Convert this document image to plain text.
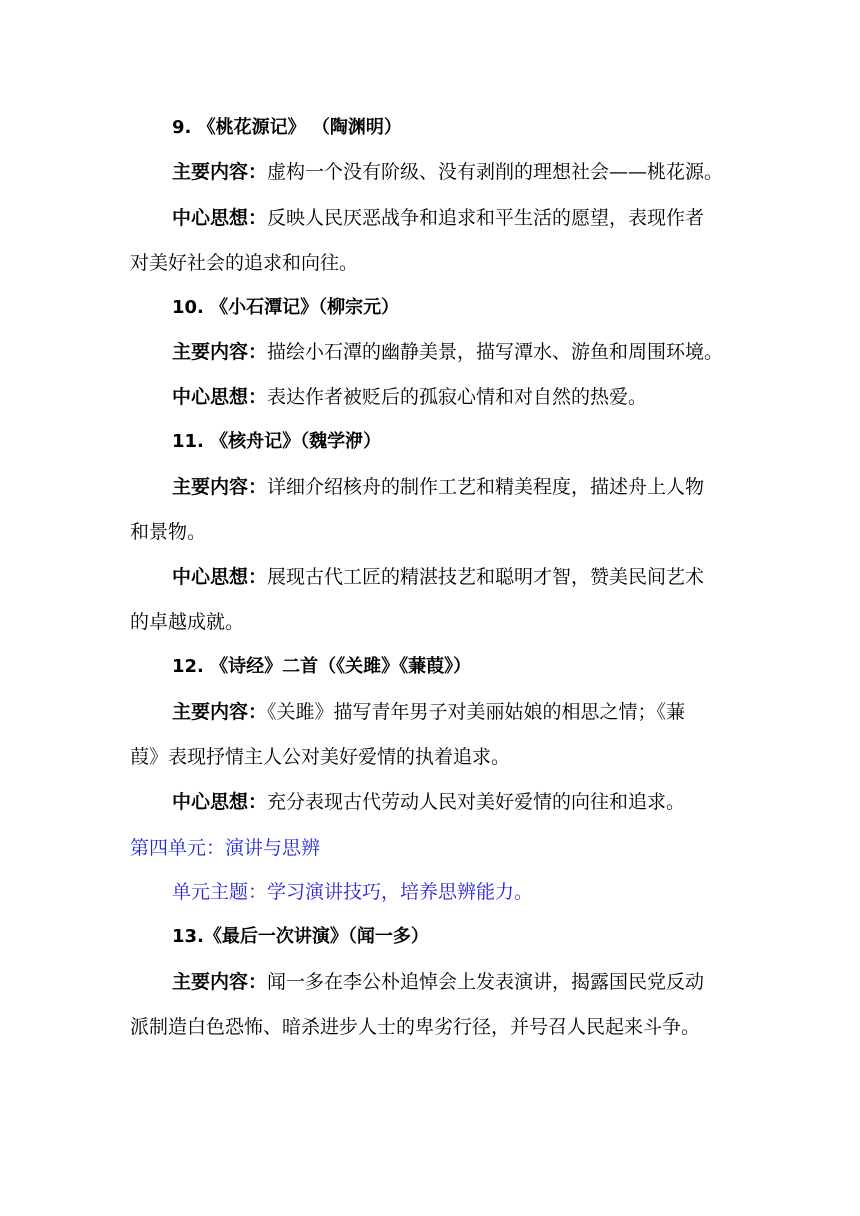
9. 《桃花源记》 （陶渊明）
主要内容：虚构一个没有阶级、没有剥削的理想社会——桃花源。
中心思想：反映人民厌恶战争和追求和平生活的愿望，表现作者
对美好社会的追求和向往。
10. 《小石潭记》（柳宗元）
主要内容：描绘小石潭的幽静美景，描写潭水、游鱼和周围环境。
中心思想：表达作者被贬后的孤寂心情和对自然的热爱。
11. 《核舟记》（魏学洢）
主要内容：详细介绍核舟的制作工艺和精美程度，描述舟上人物
和景物。
中心思想：展现古代工匠的精湛技艺和聪明才智，赞美民间艺术
的卓越成就。
12. 《诗经》二首（《关雎》《蒹葭》）
主要内容：《关雎》描写青年男子对美丽姑娘的相思之情；《蒹
葭》表现抒情主人公对美好爱情的执着追求。
中心思想：充分表现古代劳动人民对美好爱情的向往和追求。
第四单元：演讲与思辨
单元主题：学习演讲技巧，培养思辨能力。
13.《最后一次讲演》（闻一多）
主要内容：闻一多在李公朴追悼会上发表演讲，揭露国民党反动
派制造白色恐怖、暗杀进步人士的卑劣行径，并号召人民起来斗争。
